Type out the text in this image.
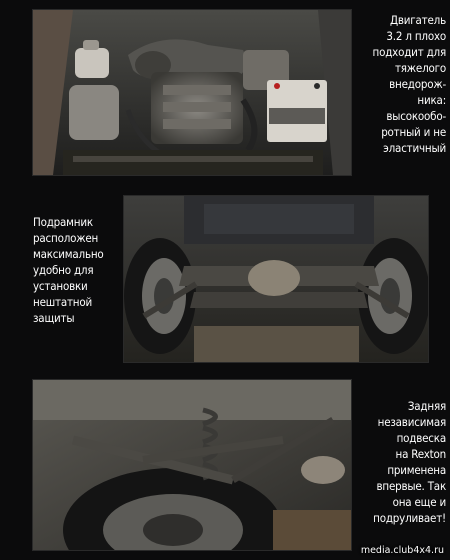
Двигатель
3.2 л плохо
подходит для
тяжелого
внедорож-
ника:
высокообо-
ротный и не
эластичный
Подрамник
расположен
максимально
удобно для
установки
нештатной
защиты
Задняя
независимая
подвеска
на Rexton
применена
впервые. Так
она еще и
подруливает!
media.club4x4.ru
